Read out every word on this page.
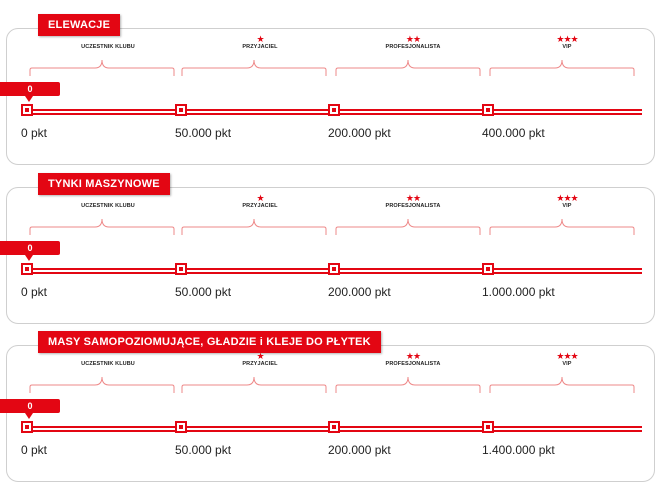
ELEWACJE
UCZESTNIK KLUBU
★
PRZYJACIEL
★★
PROFESJONALISTA
★★★
VIP
0
0 pkt	50.000 pkt	200.000 pkt	400.000 pkt
TYNKI MASZYNOWE
UCZESTNIK KLUBU
★
PRZYJACIEL
★★
PROFESJONALISTA
★★★
VIP
0
0 pkt	50.000 pkt	200.000 pkt	1.000.000 pkt
MASY SAMOPOZIOMUJĄCE, GŁADZIE i KLEJE DO PŁYTEK
UCZESTNIK KLUBU
★
PRZYJACIEL
★★
PROFESJONALISTA
★★★
VIP
0
0 pkt	50.000 pkt	200.000 pkt	1.400.000 pkt
